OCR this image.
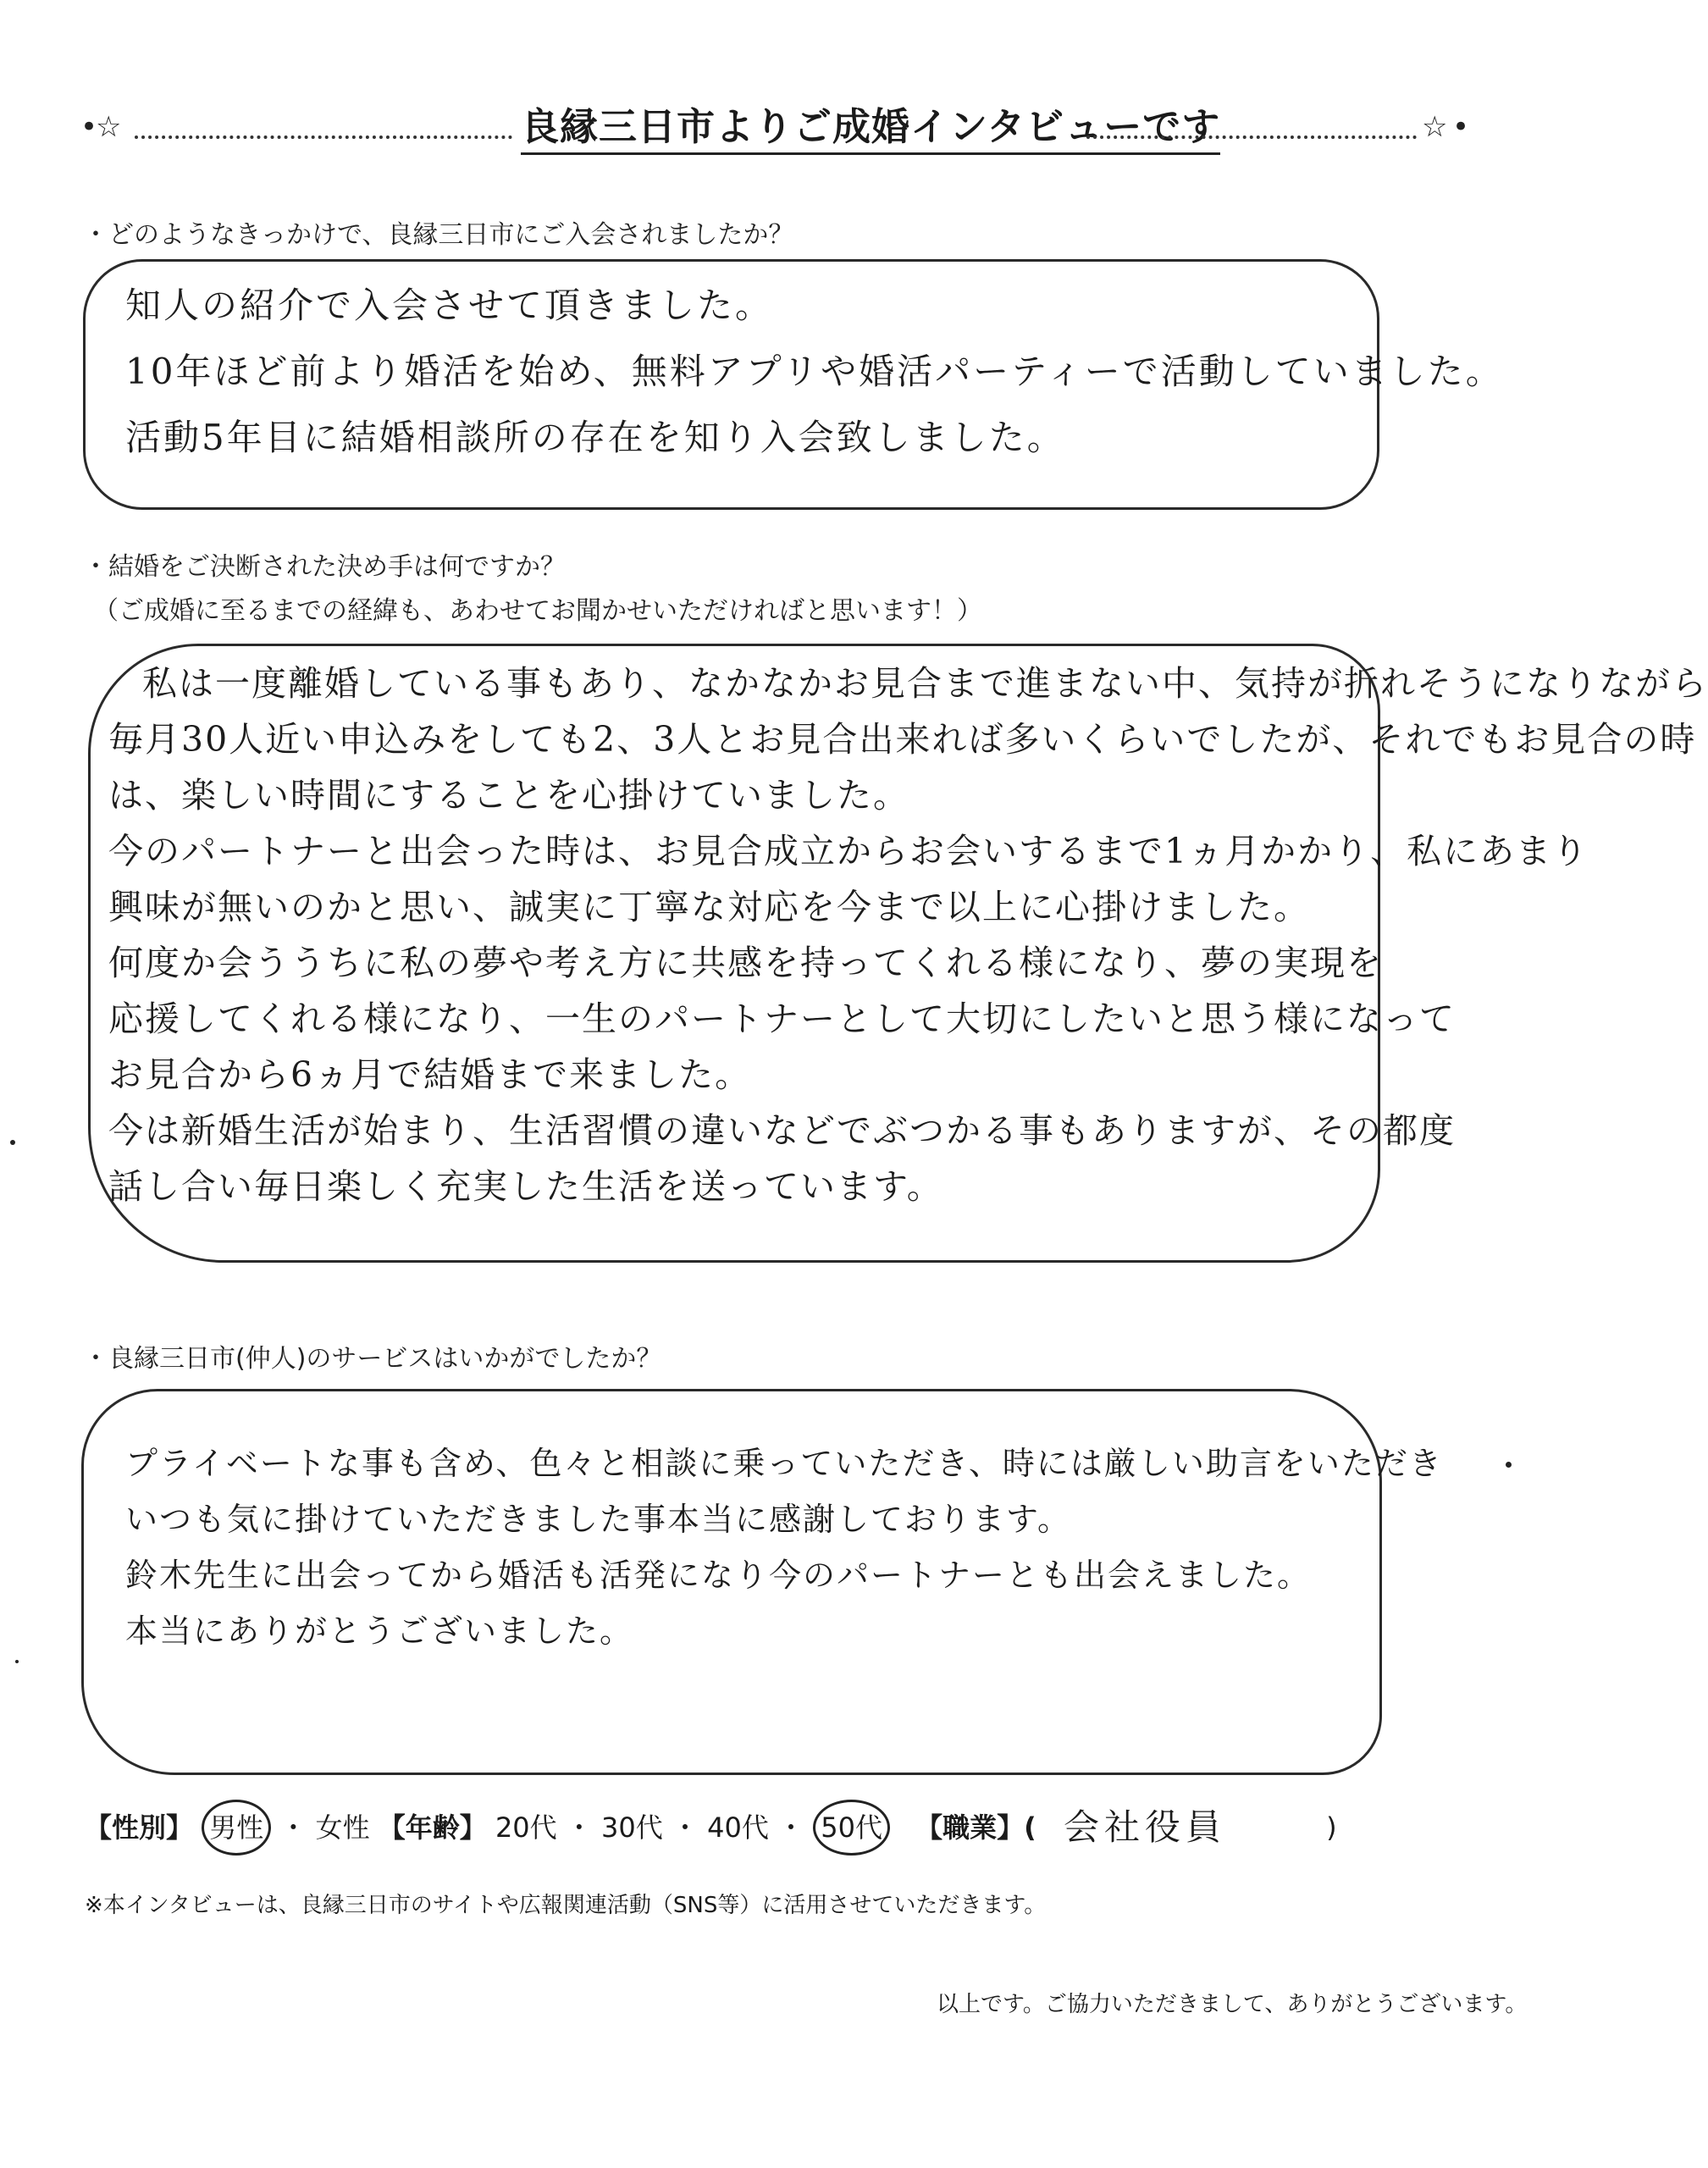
•
☆	良縁三日市よりご成婚インタビューです	☆ •
・どのようなきっかけで、良縁三日市にご入会されましたか？
知人の紹介で入会させて頂きました。
10年ほど前より婚活を始め、無料アプリや婚活パーティーで活動していました。
活動5年目に結婚相談所の存在を知り入会致しました。
・結婚をご決断された決め手は何ですか？
（ご成婚に至るまでの経緯も、あわせてお聞かせいただければと思います！）
私は一度離婚している事もあり、なかなかお見合まで進まない中、気持が折れそうになりながら
毎月30人近い申込みをしても2、3人とお見合出来れば多いくらいでしたが、それでもお見合の時
は、楽しい時間にすることを心掛けていました。
今のパートナーと出会った時は、お見合成立からお会いするまで1ヵ月かかり、私にあまり
興味が無いのかと思い、誠実に丁寧な対応を今まで以上に心掛けました。
何度か会ううちに私の夢や考え方に共感を持ってくれる様になり、夢の実現を
応援してくれる様になり、一生のパートナーとして大切にしたいと思う様になって
お見合から6ヵ月で結婚まで来ました。
今は新婚生活が始まり、生活習慣の違いなどでぶつかる事もありますが、その都度
話し合い毎日楽しく充実した生活を送っています。
・良縁三日市(仲人)のサービスはいかがでしたか？
プライベートな事も含め、色々と相談に乗っていただき、時には厳しい助言をいただき
いつも気に掛けていただきました事本当に感謝しております。
鈴木先生に出会ってから婚活も活発になり今のパートナーとも出会えました。
本当にありがとうございました。
【性別】 男性 ・ 女性 【年齢】 20代 ・ 30代 ・ 40代 ・ 50代 【職業】( 会社役員	)
※本インタビューは、良縁三日市のサイトや広報関連活動（SNS等）に活用させていただきます。
以上です。ご協力いただきまして、ありがとうございます。
